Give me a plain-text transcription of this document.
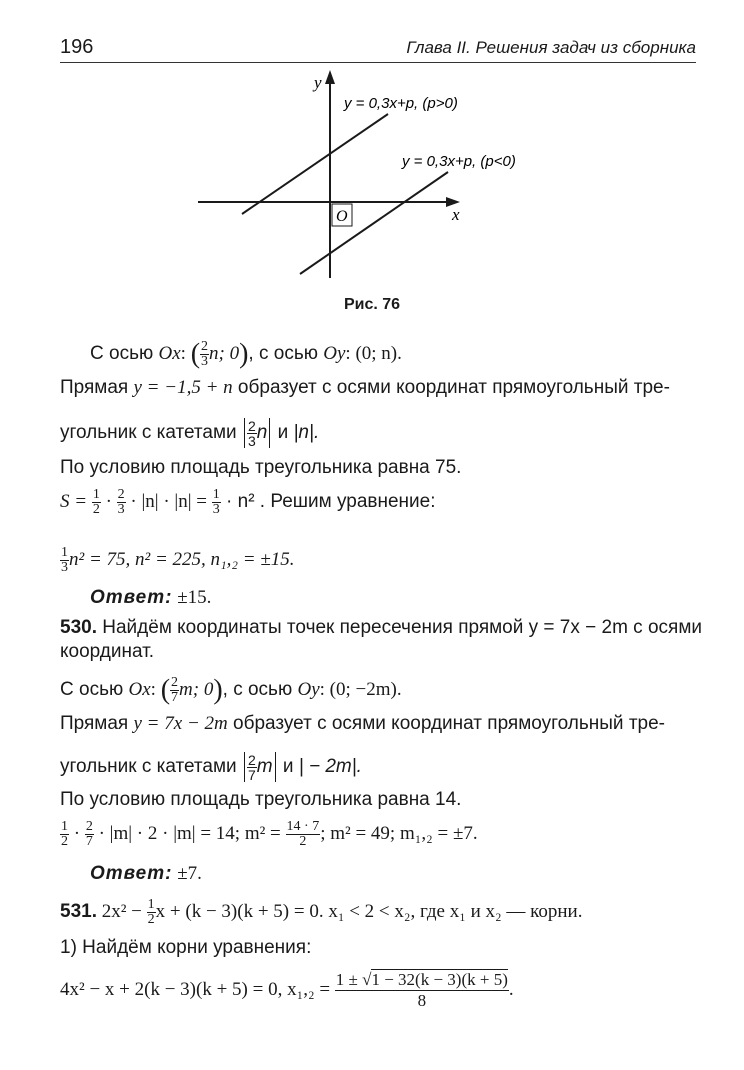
196	Глава II. Решения задач из сборника
y
x
O
y = 0,3x+p, (p>0)
y = 0,3x+p, (p<0)
Рис. 76
С осью Ox: ( $\frac{2}{3} n$; 0), с осью Oy: (0; n).
Прямая y = −1,5 + n образует с осями координат прямоугольный тре-
угольник с катетами $\frac{2}{3}$ n и |n|.
По условию площадь треугольника равна 75.
$S = \frac{1}{2} \cdot \frac{2}{3} \cdot |n| \cdot |n| = \frac{1}{3} \cdot n^2$ . Решим уравнение:
$\frac{1}{3} n^2 = 75$, n² = 225, n₁,₂ = ±15.
Ответ: ±15.
530. Найдём координаты точек пересечения прямой y = 7x − 2m с осями
координат.
С осью Ox: ( $\frac{2}{7} m$; 0), с осью Oy: (0; −2m).
Прямая y = 7x − 2m образует с осями координат прямоугольный тре-
угольник с катетами $\frac{2}{7}$ m и | − 2m|.
По условию площадь треугольника равна 14.
$\frac{1}{2} \cdot \frac{2}{7} \cdot |m| \cdot 2 \cdot |m| = 14$; $m^2 = \frac{14 \cdot 7}{2}$ ; m² = 49; m₁,₂ = ±7.
Ответ: ±7.
531. $2x^2 - \frac{1}{2}$ x + (k − 3)(k + 5) = 0. x₁ < 2 < x₂, где x₁ и x₂ — корни.
1) Найдём корни уравнения:
4x² − x + 2(k − 3)(k + 5) = 0, $x_1,_2 = \frac{1 \pm √1 - 32(k - 3)(k + 5)}{8}$ .
